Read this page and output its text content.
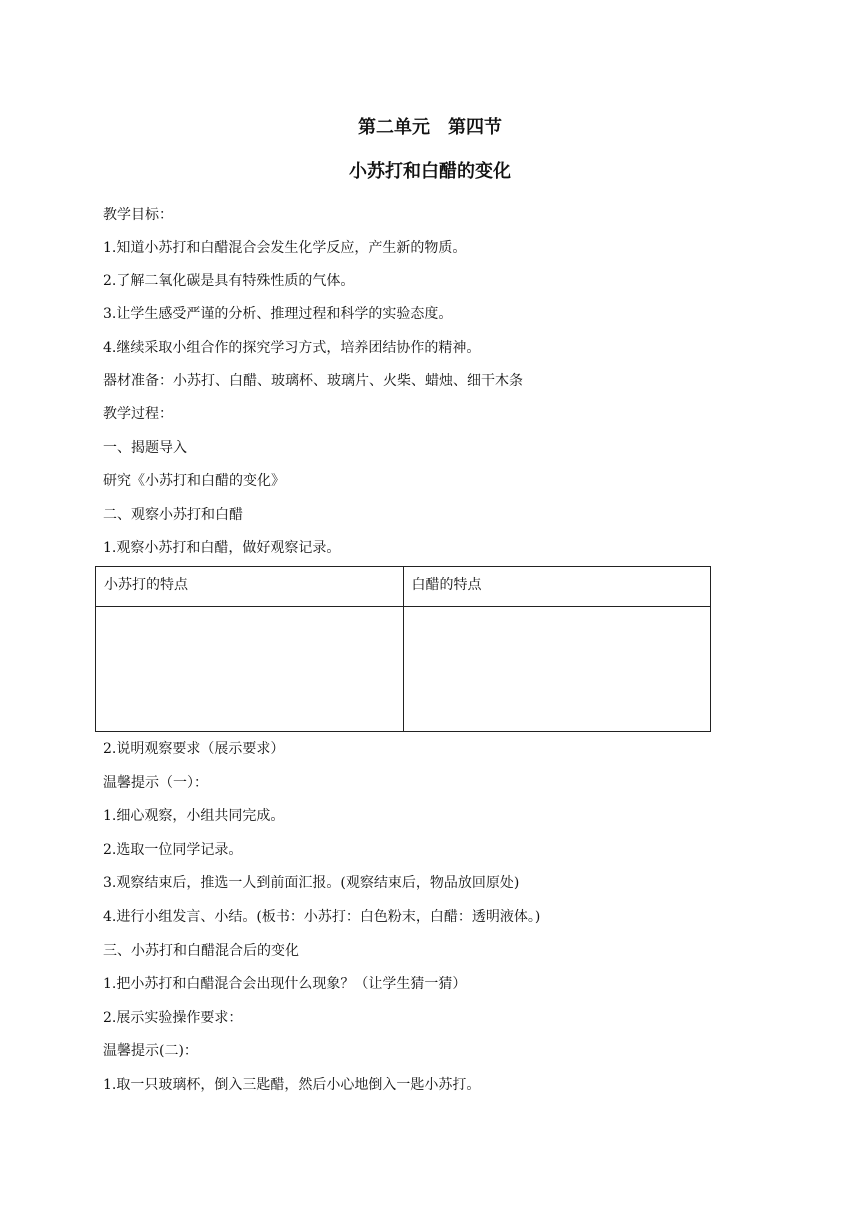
第二单元　第四节
小苏打和白醋的变化
教学目标：
1.知道小苏打和白醋混合会发生化学反应，产生新的物质。
2.了解二氧化碳是具有特殊性质的气体。
3.让学生感受严谨的分析、推理过程和科学的实验态度。
4.继续采取小组合作的探究学习方式，培养团结协作的精神。
器材准备：小苏打、白醋、玻璃杯、玻璃片、火柴、蜡烛、细干木条
教学过程：
一、揭题导入
研究《小苏打和白醋的变化》
二、观察小苏打和白醋
1.观察小苏打和白醋，做好观察记录。
小苏打的特点	白醋的特点

2.说明观察要求（展示要求）
温馨提示（一）：
1.细心观察，小组共同完成。
2.选取一位同学记录。
3.观察结束后，推选一人到前面汇报。(观察结束后，物品放回原处)
4.进行小组发言、小结。(板书：小苏打：白色粉末，白醋：透明液体。)
三、小苏打和白醋混合后的变化
1.把小苏打和白醋混合会出现什么现象？（让学生猜一猜）
2.展示实验操作要求：
温馨提示(二)：
1.取一只玻璃杯，倒入三匙醋，然后小心地倒入一匙小苏打。
